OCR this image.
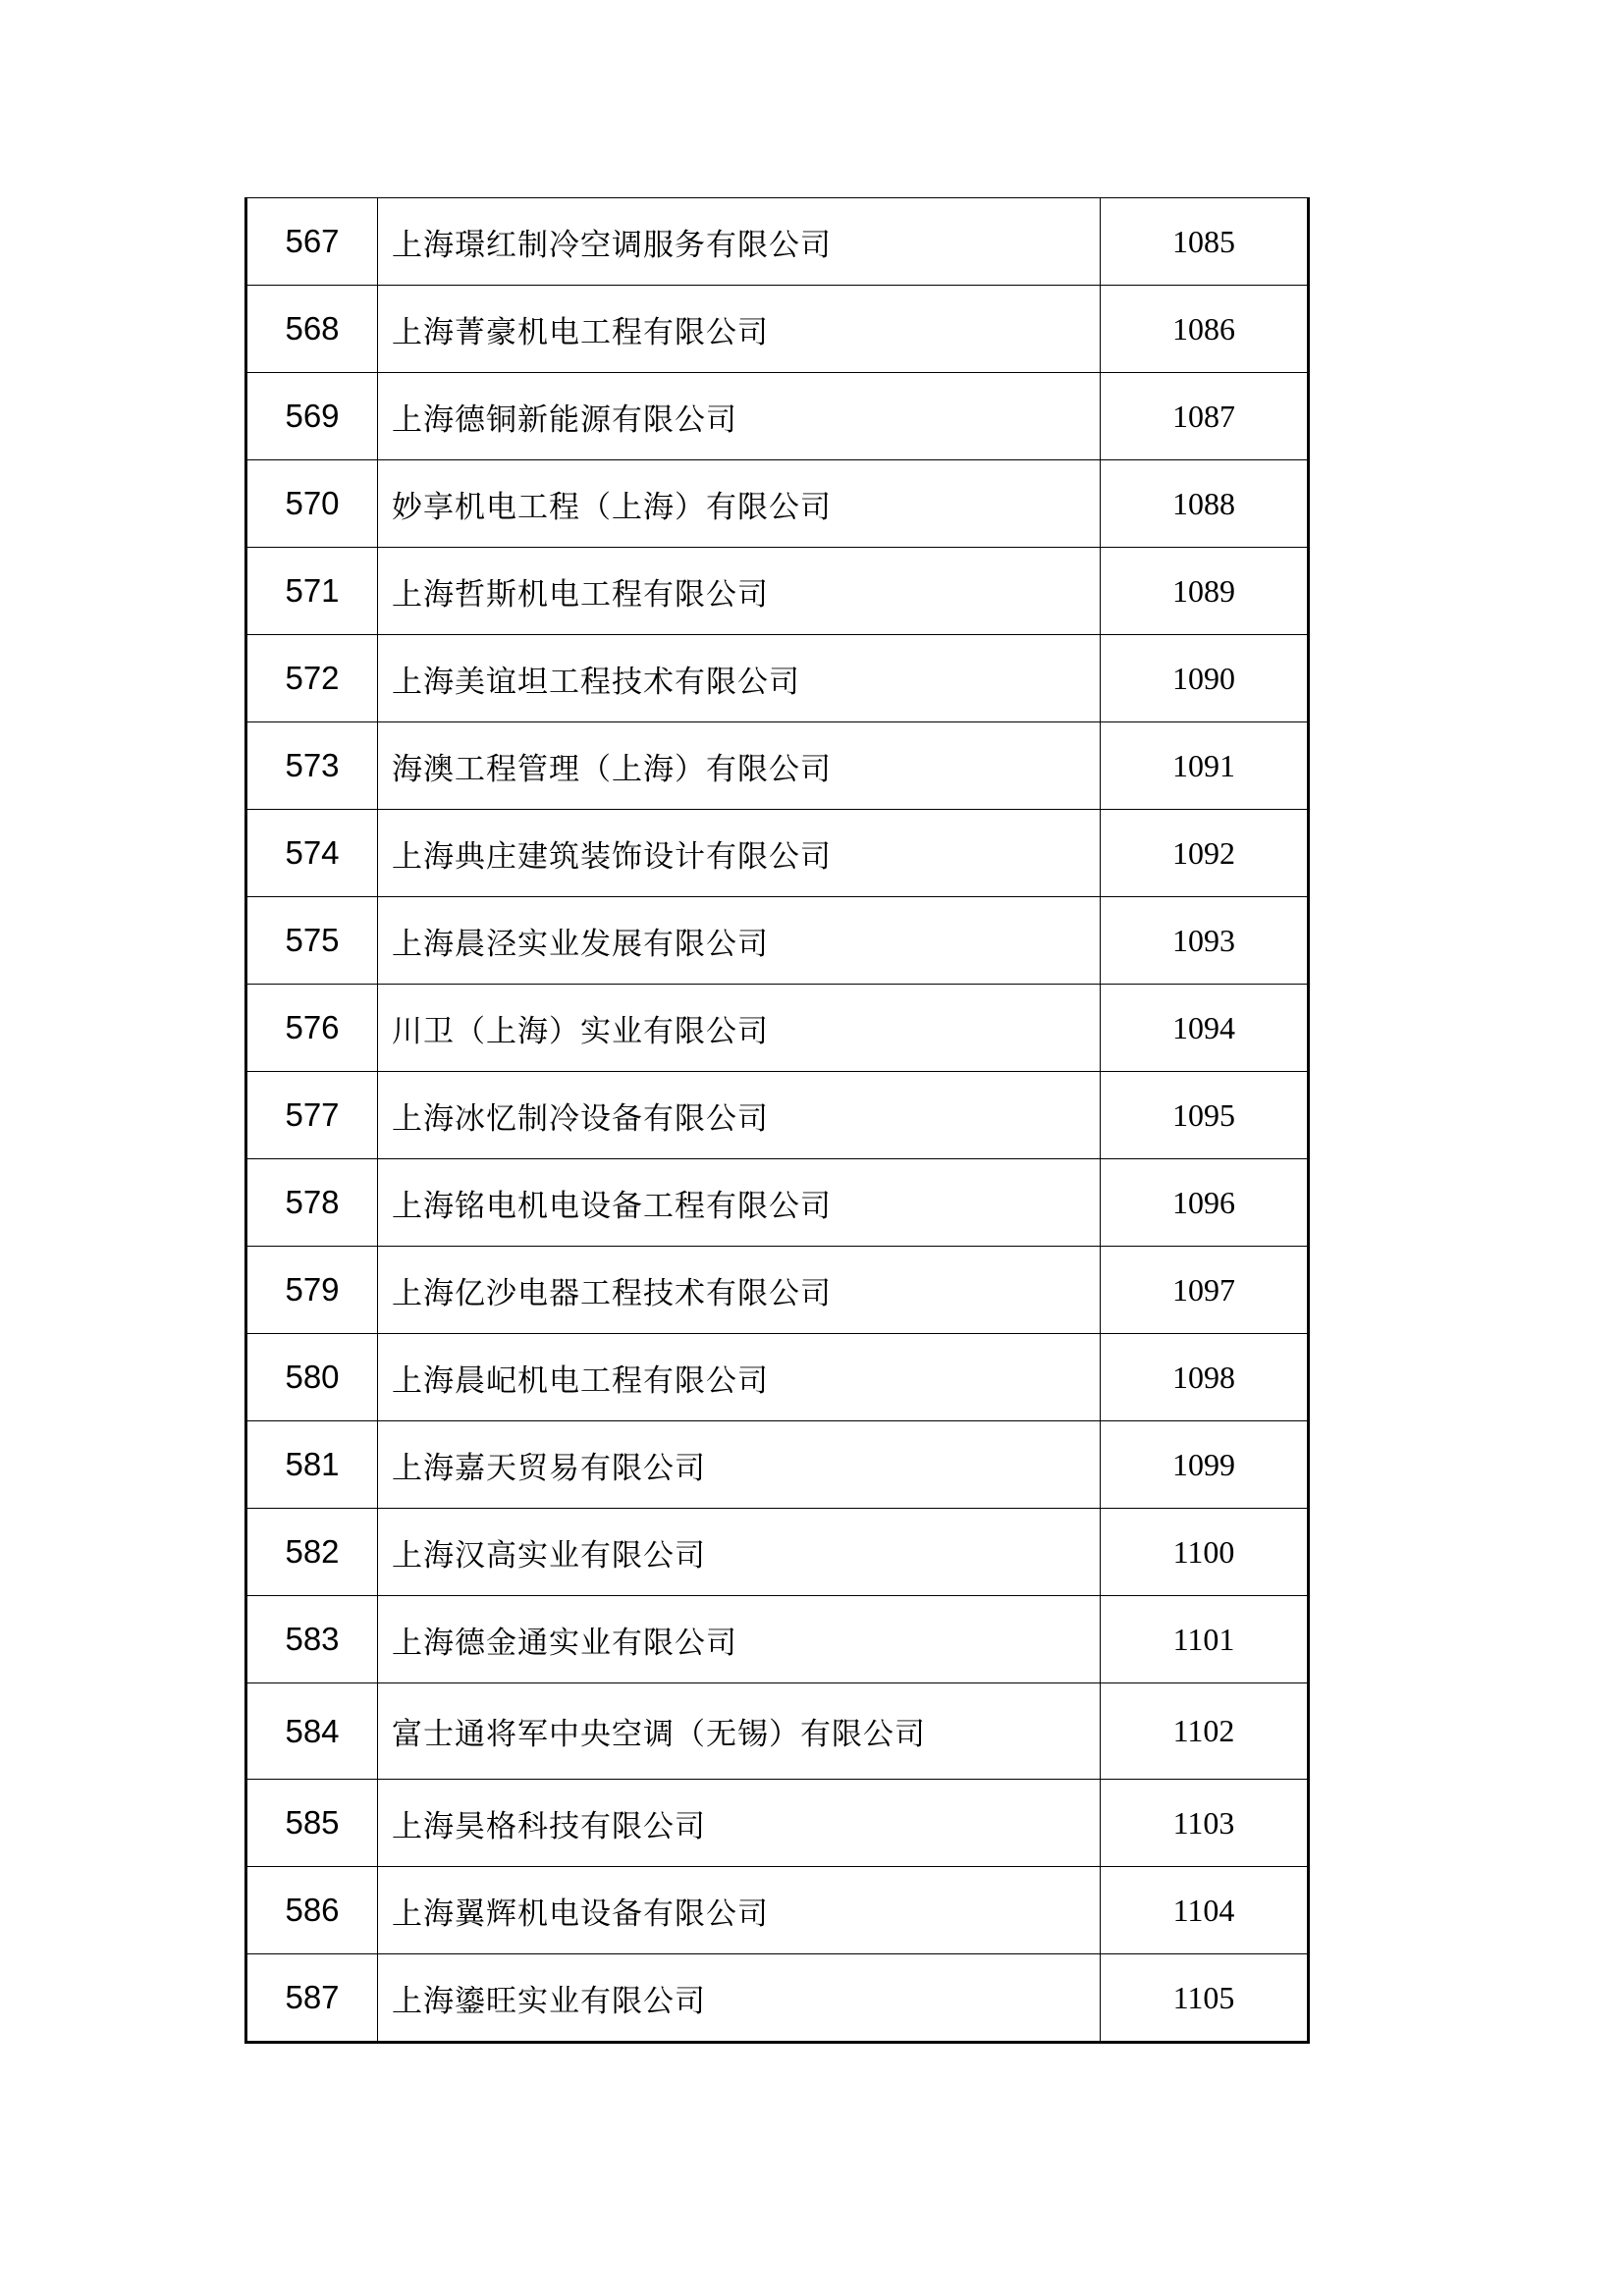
567	上海璟红制冷空调服务有限公司	1085
568	上海菁豪机电工程有限公司	1086
569	上海德铜新能源有限公司	1087
570	妙享机电工程（上海）有限公司	1088
571	上海哲斯机电工程有限公司	1089
572	上海美谊坦工程技术有限公司	1090
573	海澳工程管理（上海）有限公司	1091
574	上海典庄建筑装饰设计有限公司	1092
575	上海晨泾实业发展有限公司	1093
576	川卫（上海）实业有限公司	1094
577	上海冰忆制冷设备有限公司	1095
578	上海铭电机电设备工程有限公司	1096
579	上海亿沙电器工程技术有限公司	1097
580	上海晨屺机电工程有限公司	1098
581	上海嘉天贸易有限公司	1099
582	上海汉高实业有限公司	1100
583	上海德金通实业有限公司	1101
584	富士通将军中央空调（无锡）有限公司	1102
585	上海昊格科技有限公司	1103
586	上海翼辉机电设备有限公司	1104
587	上海鎏旺实业有限公司	1105
